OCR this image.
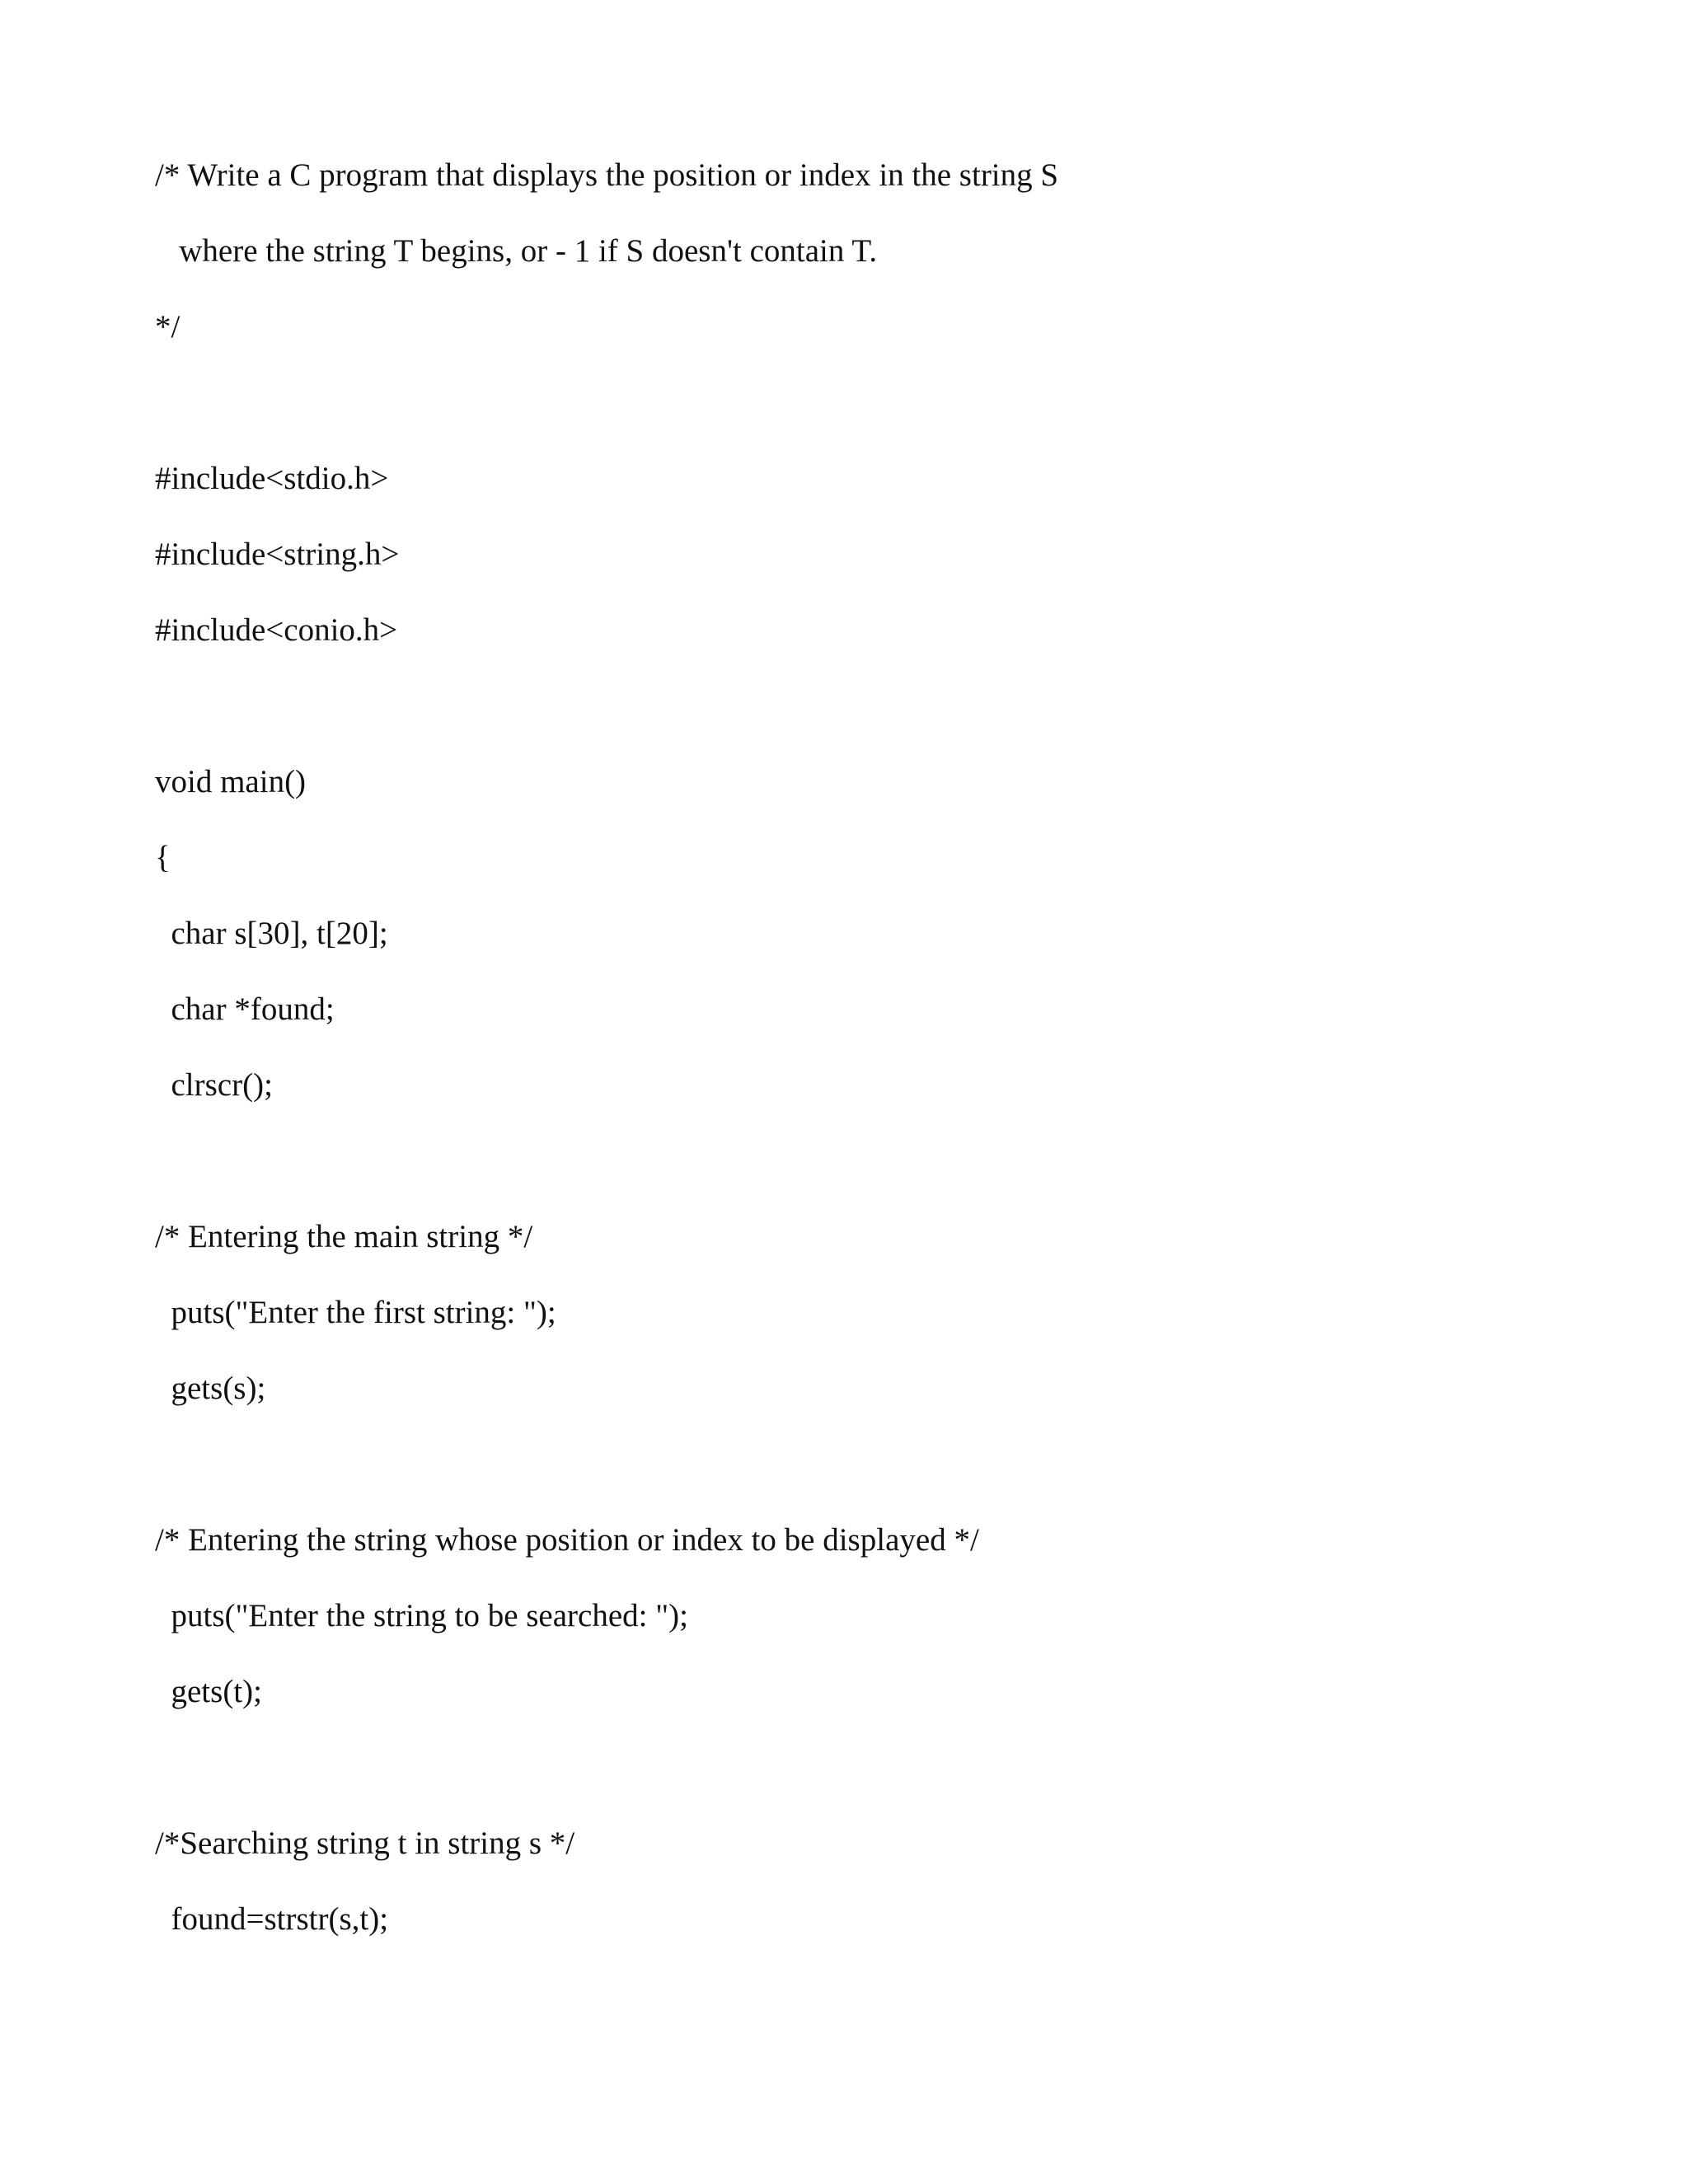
/* Write a C program that displays the position or index in the string S
where the string T begins, or - 1 if S doesn't contain T.
*/
#include<stdio.h>
#include<string.h>
#include<conio.h>
void main()
{
char s[30], t[20];
char *found;
clrscr();
/* Entering the main string */
puts("Enter the first string: ");
gets(s);
/* Entering the string whose position or index to be displayed */
puts("Enter the string to be searched: ");
gets(t);
/*Searching string t in string s */
found=strstr(s,t);
